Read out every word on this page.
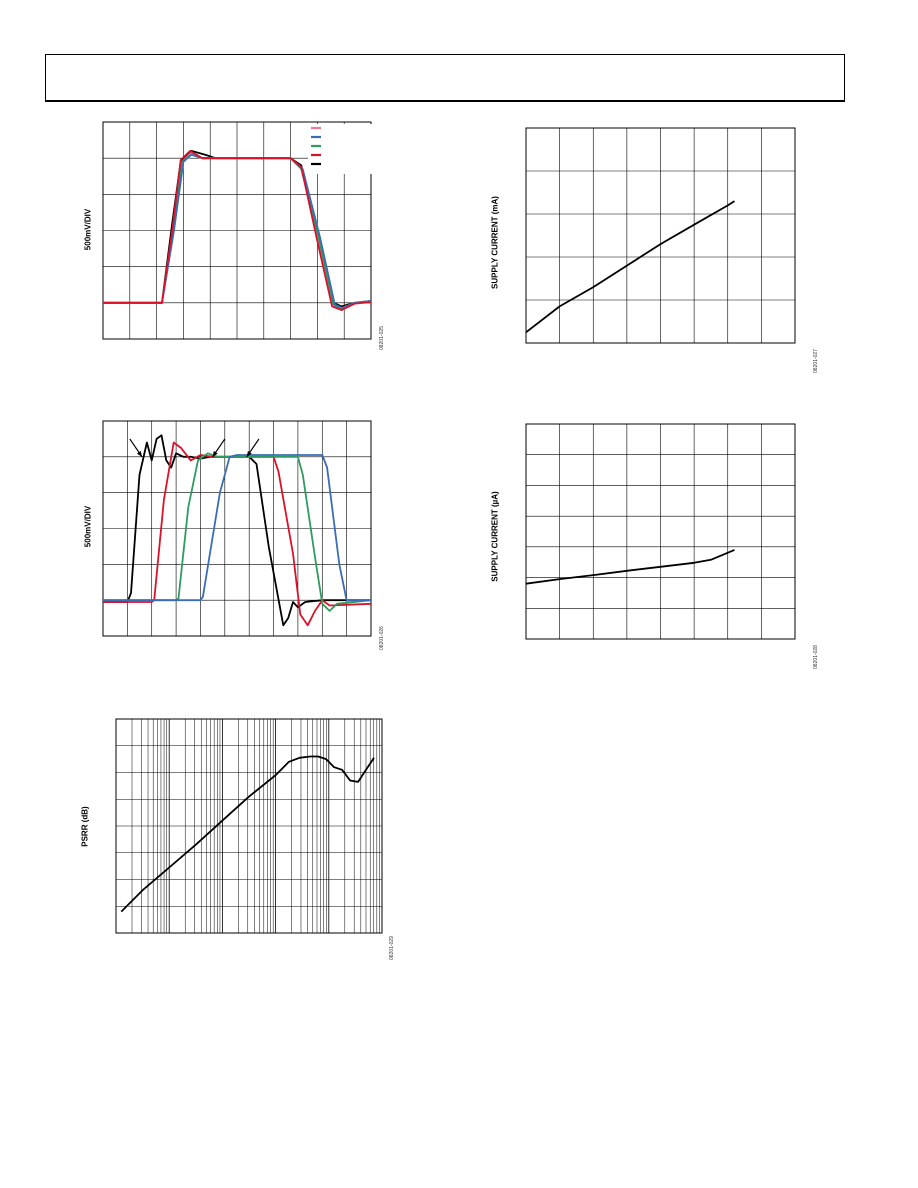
500mV/DIV
08201-025
500mV/DIV
08201-026
SUPPLY CURRENT (mA)
08201-027
SUPPLY CURRENT (µA)
08201-028
PSRR (dB)
08201-029
